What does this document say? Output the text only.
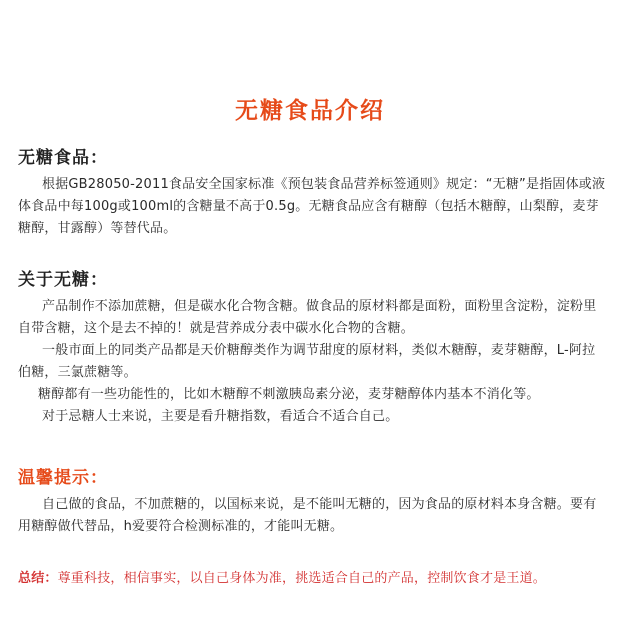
无糖食品介绍
无糖食品：

根据GB28050-2011食品安全国家标准《预包装食品营养标签通则》规定：“无糖”是指固体或液体食品中每100g或100ml的含糖量不高于0.5g。无糖食品应含有糖醇（包括木糖醇，山梨醇，麦芽糖醇，甘露醇）等替代品。

关于无糖：

产品制作不添加蔗糖，但是碳水化合物含糖。做食品的原材料都是面粉，面粉里含淀粉，淀粉里自带含糖，这个是去不掉的！就是营养成分表中碳水化合物的含糖。

一般市面上的同类产品都是天价糖醇类作为调节甜度的原材料，类似木糖醇，麦芽糖醇，L-阿拉伯糖，三氯蔗糖等。

糖醇都有一些功能性的，比如木糖醇不刺激胰岛素分泌，麦芽糖醇体内基本不消化等。

对于忌糖人士来说，主要是看升糖指数，看适合不适合自己。

温馨提示：

自己做的食品，不加蔗糖的，以国标来说，是不能叫无糖的，因为食品的原材料本身含糖。要有用糖醇做代替品，h爱要符合检测标准的，才能叫无糖。

总结：尊重科技，相信事实，以自己身体为准，挑选适合自己的产品，控制饮食才是王道。
